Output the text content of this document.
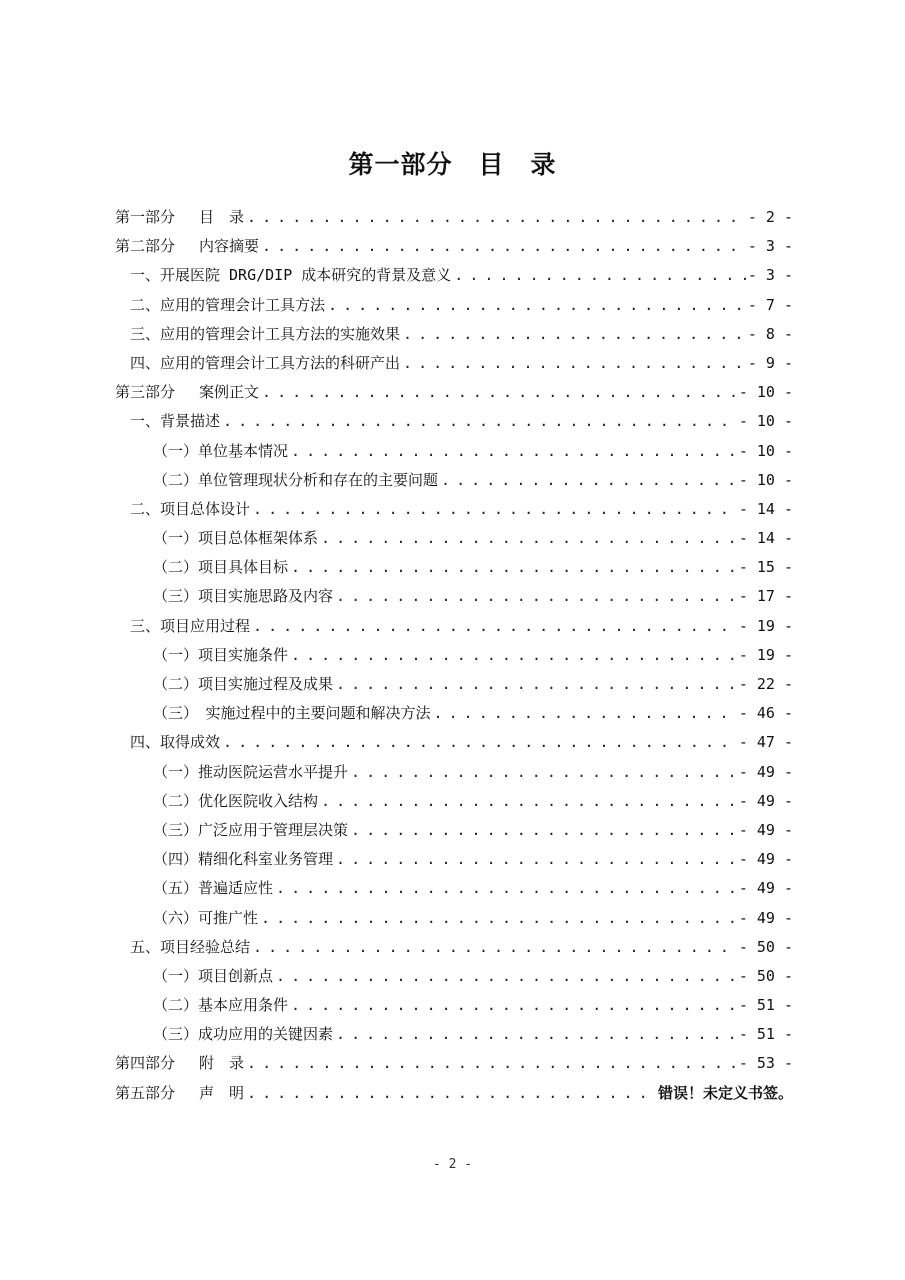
第一部分　目　录
第一部分　 目　录 . . .	- 2 -
第二部分　 内容摘要 . . .	- 3 -
一、开展医院 DRG/DIP 成本研究的背景及意义 . . .	- 3 -
二、应用的管理会计工具方法 . . .	- 7 -
三、应用的管理会计工具方法的实施效果 . . .	- 8 -
四、应用的管理会计工具方法的科研产出 . . .	- 9 -
第三部分　 案例正文 . . .	- 10 -
一、背景描述 . . .	- 10 -
（一）单位基本情况 . . .	- 10 -
（二）单位管理现状分析和存在的主要问题 . . .	- 10 -
二、项目总体设计 . . .	- 14 -
（一）项目总体框架体系 . . .	- 14 -
（二）项目具体目标 . . .	- 15 -
（三）项目实施思路及内容 . . .	- 17 -
三、项目应用过程 . . .	- 19 -
（一）项目实施条件 . . .	- 19 -
（二）项目实施过程及成果 . . .	- 22 -
（三）　实施过程中的主要问题和解决方法 . . .	- 46 -
四、取得成效 . . .	- 47 -
（一）推动医院运营水平提升 . . .	- 49 -
（二）优化医院收入结构 . . .	- 49 -
（三）广泛应用于管理层决策 . . .	- 49 -
（四）精细化科室业务管理 . . .	- 49 -
（五）普遍适应性 . . .	- 49 -
（六）可推广性 . . .	- 49 -
五、项目经验总结 . . .	- 50 -
（一）项目创新点 . . .	- 50 -
（二）基本应用条件 . . .	- 51 -
（三）成功应用的关键因素 . . .	- 51 -
第四部分　 附　录 . . .	- 53 -
第五部分　 声　明 . . .	错误！未定义书签。
- 2 -
